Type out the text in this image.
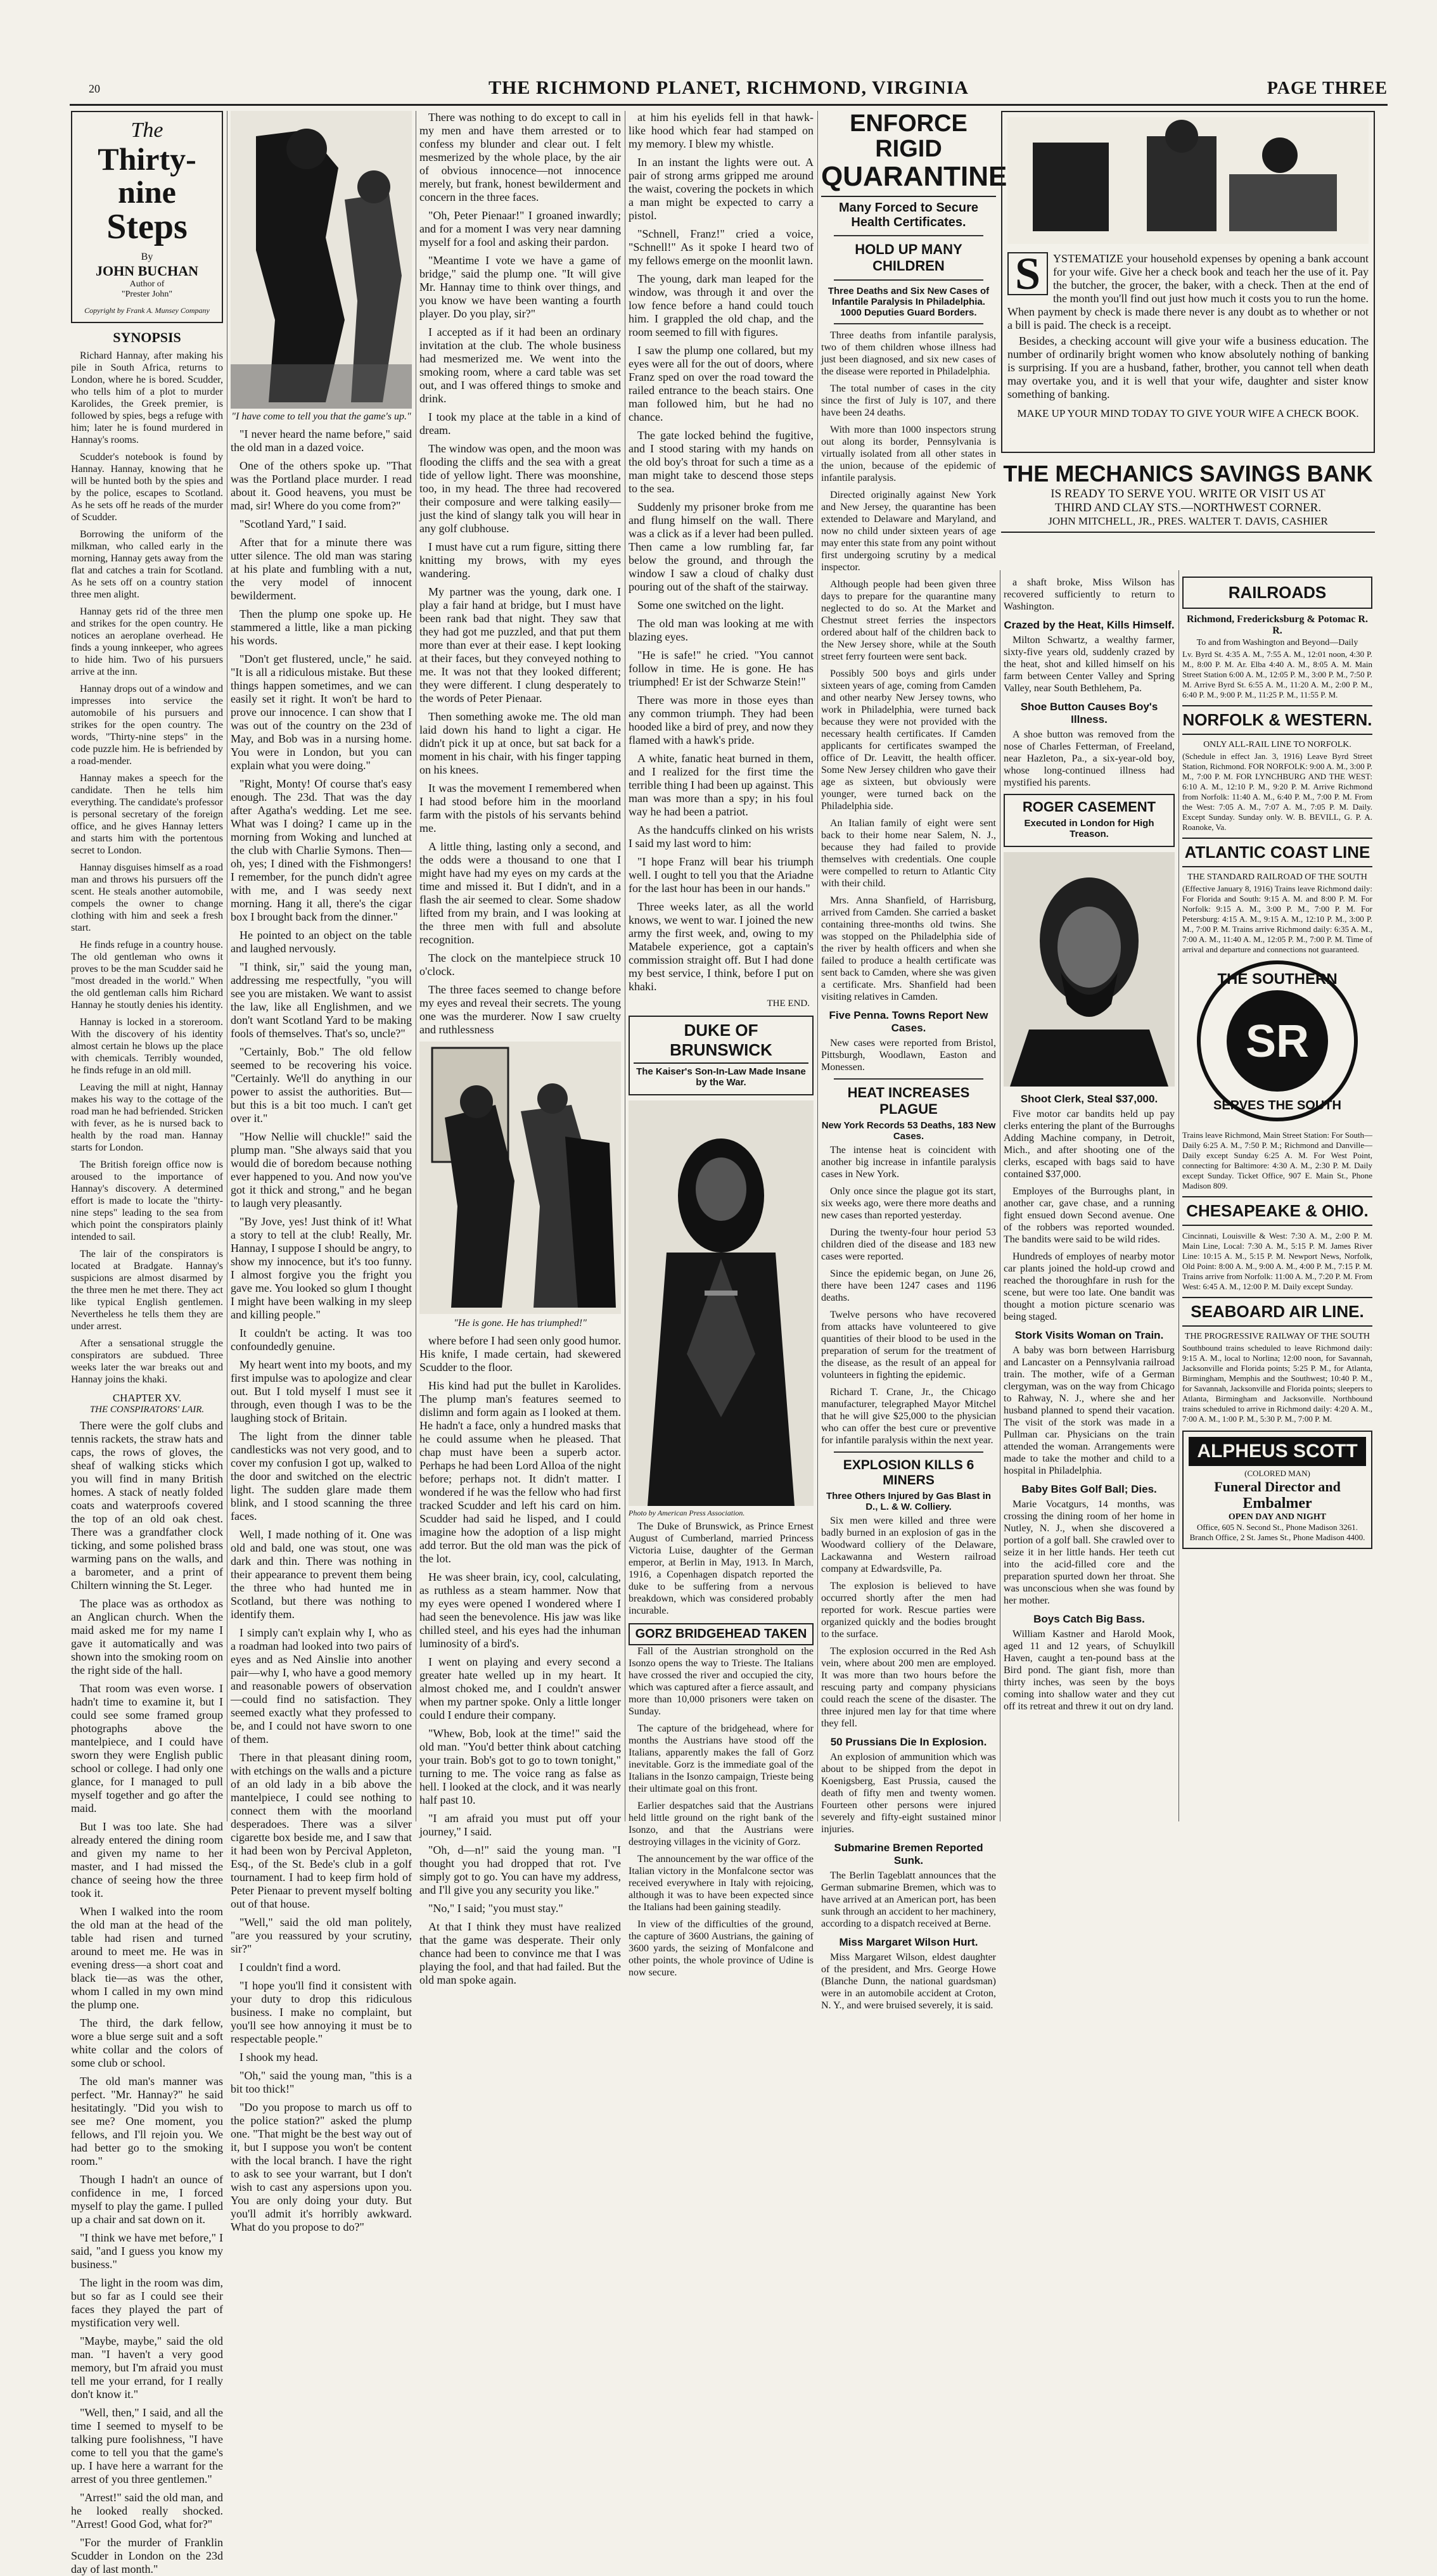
20	THE RICHMOND PLANET, RICHMOND, VIRGINIA	PAGE THREE
The
Thirty-nine
Steps
By
JOHN BUCHAN
Author of
"Prester John"
Copyright by Frank A. Munsey Company
SYNOPSIS

Richard Hannay, after making his pile in South Africa, returns to London, where he is bored. Scudder, who tells him of a plot to murder Karolides, the Greek premier, is followed by spies, begs a refuge with him; later he is found murdered in Hannay's rooms.

Scudder's notebook is found by Hannay. Hannay, knowing that he will be hunted both by the spies and by the police, escapes to Scotland. As he sets off he reads of the murder of Scudder.

Borrowing the uniform of the milkman, who called early in the morning, Hannay gets away from the flat and catches a train for Scotland. As he sets off on a country station three men alight.

Hannay gets rid of the three men and strikes for the open country. He notices an aeroplane overhead. He finds a young innkeeper, who agrees to hide him. Two of his pursuers arrive at the inn.

Hannay drops out of a window and impresses into service the automobile of his pursuers and strikes for the open country. The words, "Thirty-nine steps" in the code puzzle him. He is befriended by a road-mender.

Hannay makes a speech for the candidate. Then he tells him everything. The candidate's professor is personal secretary of the foreign office, and he gives Hannay letters and starts him with the portentous secret to London.

Hannay disguises himself as a road man and throws his pursuers off the scent. He steals another automobile, compels the owner to change clothing with him and seek a fresh start.

He finds refuge in a country house. The old gentleman who owns it proves to be the man Scudder said he "most dreaded in the world." When the old gentleman calls him Richard Hannay he stoutly denies his identity.

Hannay is locked in a storeroom. With the discovery of his identity almost certain he blows up the place with chemicals. Terribly wounded, he finds refuge in an old mill.

Leaving the mill at night, Hannay makes his way to the cottage of the road man he had befriended. Stricken with fever, as he is nursed back to health by the road man. Hannay starts for London.

The British foreign office now is aroused to the importance of Hannay's discovery. A determined effort is made to locate the "thirty-nine steps" leading to the sea from which point the conspirators plainly intended to sail.

The lair of the conspirators is located at Bradgate. Hannay's suspicions are almost disarmed by the three men he met there. They act like typical English gentlemen. Nevertheless he tells them they are under arrest.

After a sensational struggle the conspirators are subdued. Three weeks later the war breaks out and Hannay joins the khaki.

CHAPTER XV.
THE CONSPIRATORS' LAIR.

There were the golf clubs and tennis rackets, the straw hats and caps, the rows of gloves, the sheaf of walking sticks which you will find in many British homes. A stack of neatly folded coats and waterproofs covered the top of an old oak chest. There was a grandfather clock ticking, and some polished brass warming pans on the walls, and a barometer, and a print of Chiltern winning the St. Leger.

The place was as orthodox as an Anglican church. When the maid asked me for my name I gave it automatically and was shown into the smoking room on the right side of the hall.

That room was even worse. I hadn't time to examine it, but I could see some framed group photographs above the mantelpiece, and I could have sworn they were English public school or college. I had only one glance, for I managed to pull myself together and go after the maid.

But I was too late. She had already entered the dining room and given my name to her master, and I had missed the chance of seeing how the three took it.

When I walked into the room the old man at the head of the table had risen and turned around to meet me. He was in evening dress—a short coat and black tie—as was the other, whom I called in my own mind the plump one.

The third, the dark fellow, wore a blue serge suit and a soft white collar and the colors of some club or school.

The old man's manner was perfect. "Mr. Hannay?" he said hesitatingly. "Did you wish to see me? One moment, you fellows, and I'll rejoin you. We had better go to the smoking room."

Though I hadn't an ounce of confidence in me, I forced myself to play the game. I pulled up a chair and sat down on it.

"I think we have met before," I said, "and I guess you know my business."

The light in the room was dim, but so far as I could see their faces they played the part of mystification very well.

"Maybe, maybe," said the old man. "I haven't a very good memory, but I'm afraid you must tell me your errand, for I really don't know it."

"Well, then," I said, and all the time I seemed to myself to be talking pure foolishness, "I have come to tell you that the game's up. I have here a warrant for the arrest of you three gentlemen."

"Arrest!" said the old man, and he looked really shocked. "Arrest! Good God, what for?"

"For the murder of Franklin Scudder in London on the 23d day of last month."

"I have come to tell you that the game's up."

"I never heard the name before," said the old man in a dazed voice.

One of the others spoke up. "That was the Portland place murder. I read about it. Good heavens, you must be mad, sir! Where do you come from?"

"Scotland Yard," I said.

After that for a minute there was utter silence. The old man was staring at his plate and fumbling with a nut, the very model of innocent bewilderment.

Then the plump one spoke up. He stammered a little, like a man picking his words.

"Don't get flustered, uncle," he said. "It is all a ridiculous mistake. But these things happen sometimes, and we can easily set it right. It won't be hard to prove our innocence. I can show that I was out of the country on the 23d of May, and Bob was in a nursing home. You were in London, but you can explain what you were doing."

"Right, Monty! Of course that's easy enough. The 23d. That was the day after Agatha's wedding. Let me see. What was I doing? I came up in the morning from Woking and lunched at the club with Charlie Symons. Then—oh, yes; I dined with the Fishmongers! I remember, for the punch didn't agree with me, and I was seedy next morning. Hang it all, there's the cigar box I brought back from the dinner."

He pointed to an object on the table and laughed nervously.

"I think, sir," said the young man, addressing me respectfully, "you will see you are mistaken. We want to assist the law, like all Englishmen, and we don't want Scotland Yard to be making fools of themselves. That's so, uncle?"

"Certainly, Bob." The old fellow seemed to be recovering his voice. "Certainly. We'll do anything in our power to assist the authorities. But—but this is a bit too much. I can't get over it."

"How Nellie will chuckle!" said the plump man. "She always said that you would die of boredom because nothing ever happened to you. And now you've got it thick and strong," and he began to laugh very pleasantly.

"By Jove, yes! Just think of it! What a story to tell at the club! Really, Mr. Hannay, I suppose I should be angry, to show my innocence, but it's too funny. I almost forgive you the fright you gave me. You looked so glum I thought I might have been walking in my sleep and killing people."

It couldn't be acting. It was too confoundedly genuine.

My heart went into my boots, and my first impulse was to apologize and clear out. But I told myself I must see it through, even though I was to be the laughing stock of Britain.

The light from the dinner table candlesticks was not very good, and to cover my confusion I got up, walked to the door and switched on the electric light. The sudden glare made them blink, and I stood scanning the three faces.

Well, I made nothing of it. One was old and bald, one was stout, one was dark and thin. There was nothing in their appearance to prevent them being the three who had hunted me in Scotland, but there was nothing to identify them.

I simply can't explain why I, who as a roadman had looked into two pairs of eyes and as Ned Ainslie into another pair—why I, who have a good memory and reasonable powers of observation—could find no satisfaction. They seemed exactly what they professed to be, and I could not have sworn to one of them.

There in that pleasant dining room, with etchings on the walls and a picture of an old lady in a bib above the mantelpiece, I could see nothing to connect them with the moorland desperadoes. There was a silver cigarette box beside me, and I saw that it had been won by Percival Appleton, Esq., of the St. Bede's club in a golf tournament. I had to keep firm hold of Peter Pienaar to prevent myself bolting out of that house.

"Well," said the old man politely, "are you reassured by your scrutiny, sir?"

I couldn't find a word.

"I hope you'll find it consistent with your duty to drop this ridiculous business. I make no complaint, but you'll see how annoying it must be to respectable people."

I shook my head.

"Oh," said the young man, "this is a bit too thick!"

"Do you propose to march us off to the police station?" asked the plump one. "That might be the best way out of it, but I suppose you won't be content with the local branch. I have the right to ask to see your warrant, but I don't wish to cast any aspersions upon you. You are only doing your duty. But you'll admit it's horribly awkward. What do you propose to do?"

There was nothing to do except to call in my men and have them arrested or to confess my blunder and clear out. I felt mesmerized by the whole place, by the air of obvious innocence—not innocence merely, but frank, honest bewilderment and concern in the three faces.

"Oh, Peter Pienaar!" I groaned inwardly; and for a moment I was very near damning myself for a fool and asking their pardon.

"Meantime I vote we have a game of bridge," said the plump one. "It will give Mr. Hannay time to think over things, and you know we have been wanting a fourth player. Do you play, sir?"

I accepted as if it had been an ordinary invitation at the club. The whole business had mesmerized me. We went into the smoking room, where a card table was set out, and I was offered things to smoke and drink.

I took my place at the table in a kind of dream.

The window was open, and the moon was flooding the cliffs and the sea with a great tide of yellow light. There was moonshine, too, in my head. The three had recovered their composure and were talking easily—just the kind of slangy talk you will hear in any golf clubhouse.

I must have cut a rum figure, sitting there knitting my brows, with my eyes wandering.

My partner was the young, dark one. I play a fair hand at bridge, but I must have been rank bad that night. They saw that they had got me puzzled, and that put them more than ever at their ease. I kept looking at their faces, but they conveyed nothing to me. It was not that they looked different; they were different. I clung desperately to the words of Peter Pienaar.

Then something awoke me. The old man laid down his hand to light a cigar. He didn't pick it up at once, but sat back for a moment in his chair, with his finger tapping on his knees.

It was the movement I remembered when I had stood before him in the moorland farm with the pistols of his servants behind me.

A little thing, lasting only a second, and the odds were a thousand to one that I might have had my eyes on my cards at the time and missed it. But I didn't, and in a flash the air seemed to clear. Some shadow lifted from my brain, and I was looking at the three men with full and absolute recognition.

The clock on the mantelpiece struck 10 o'clock.

The three faces seemed to change before my eyes and reveal their secrets. The young one was the murderer. Now I saw cruelty and ruthlessness

"He is gone. He has triumphed!"

where before I had seen only good humor. His knife, I made certain, had skewered Scudder to the floor.

His kind had put the bullet in Karolides. The plump man's features seemed to dislimn and form again as I looked at them. He hadn't a face, only a hundred masks that he could assume when he pleased. That chap must have been a superb actor. Perhaps he had been Lord Alloa of the night before; perhaps not. It didn't matter. I wondered if he was the fellow who had first tracked Scudder and left his card on him. Scudder had said he lisped, and I could imagine how the adoption of a lisp might add terror. But the old man was the pick of the lot.

He was sheer brain, icy, cool, calculating, as ruthless as a steam hammer. Now that my eyes were opened I wondered where I had seen the benevolence. His jaw was like chilled steel, and his eyes had the inhuman luminosity of a bird's.

I went on playing and every second a greater hate welled up in my heart. It almost choked me, and I couldn't answer when my partner spoke. Only a little longer could I endure their company.

"Whew, Bob, look at the time!" said the old man. "You'd better think about catching your train. Bob's got to go to town tonight," turning to me. The voice rang as false as hell. I looked at the clock, and it was nearly half past 10.

"I am afraid you must put off your journey," I said.

"Oh, d—n!" said the young man. "I thought you had dropped that rot. I've simply got to go. You can have my address, and I'll give you any security you like."

"No," I said; "you must stay."

At that I think they must have realized that the game was desperate. Their only chance had been to convince me that I was playing the fool, and that had failed. But the old man spoke again.

at him his eyelids fell in that hawk-like hood which fear had stamped on my memory. I blew my whistle.

In an instant the lights were out. A pair of strong arms gripped me around the waist, covering the pockets in which a man might be expected to carry a pistol.

"Schnell, Franz!" cried a voice, "Schnell!" As it spoke I heard two of my fellows emerge on the moonlit lawn.

The young, dark man leaped for the window, was through it and over the low fence before a hand could touch him. I grappled the old chap, and the room seemed to fill with figures.

I saw the plump one collared, but my eyes were all for the out of doors, where Franz sped on over the road toward the railed entrance to the beach stairs. One man followed him, but he had no chance.

The gate locked behind the fugitive, and I stood staring with my hands on the old boy's throat for such a time as a man might take to descend those steps to the sea.

Suddenly my prisoner broke from me and flung himself on the wall. There was a click as if a lever had been pulled. Then came a low rumbling far, far below the ground, and through the window I saw a cloud of chalky dust pouring out of the shaft of the stairway.

Some one switched on the light.

The old man was looking at me with blazing eyes.

"He is safe!" he cried. "You cannot follow in time. He is gone. He has triumphed! Er ist der Schwarze Stein!"

There was more in those eyes than any common triumph. They had been hooded like a bird of prey, and now they flamed with a hawk's pride.

A white, fanatic heat burned in them, and I realized for the first time the terrible thing I had been up against. This man was more than a spy; in his foul way he had been a patriot.

As the handcuffs clinked on his wrists I said my last word to him:

"I hope Franz will bear his triumph well. I ought to tell you that the Ariadne for the last hour has been in our hands."

Three weeks later, as all the world knows, we went to war. I joined the new army the first week, and, owing to my Matabele experience, got a captain's commission straight off. But I had done my best service, I think, before I put on khaki.

THE END.
DUKE OF BRUNSWICK
The Kaiser's Son-In-Law Made Insane by the War.
Photo by American Press Association.

The Duke of Brunswick, as Prince Ernest August of Cumberland, married Princess Victoria Luise, daughter of the German emperor, at Berlin in May, 1913. In March, 1916, a Copenhagen dispatch reported the duke to be suffering from a nervous breakdown, which was considered probably incurable.

GORZ BRIDGEHEAD TAKEN

Fall of the Austrian stronghold on the Isonzo opens the way to Trieste. The Italians have crossed the river and occupied the city, which was captured after a fierce assault, and more than 10,000 prisoners were taken on Sunday.

The capture of the bridgehead, where for months the Austrians have stood off the Italians, apparently makes the fall of Gorz inevitable. Gorz is the immediate goal of the Italians in the Isonzo campaign, Trieste being their ultimate goal on this front.

Earlier despatches said that the Austrians held little ground on the right bank of the Isonzo, and that the Austrians were destroying villages in the vicinity of Gorz.

The announcement by the war office of the Italian victory in the Monfalcone sector was received everywhere in Italy with rejoicing, although it was to have been expected since the Italians had been gaining steadily.

In view of the difficulties of the ground, the capture of 3600 Austrians, the gaining of 3600 yards, the seizing of Monfalcone and other points, the whole province of Udine is now secure.

ENFORCE RIGID
QUARANTINE
Many Forced to Secure Health Certificates.
HOLD UP MANY CHILDREN
Three Deaths and Six New Cases of Infantile Paralysis In Philadelphia. 1000 Deputies Guard Borders.

Three deaths from infantile paralysis, two of them children whose illness had just been diagnosed, and six new cases of the disease were reported in Philadelphia.

The total number of cases in the city since the first of July is 107, and there have been 24 deaths.

With more than 1000 inspectors strung out along its border, Pennsylvania is virtually isolated from all other states in the union, because of the epidemic of infantile paralysis.

Directed originally against New York and New Jersey, the quarantine has been extended to Delaware and Maryland, and now no child under sixteen years of age may enter this state from any point without first undergoing scrutiny by a medical inspector.

Although people had been given three days to prepare for the quarantine many neglected to do so. At the Market and Chestnut street ferries the inspectors ordered about half of the children back to the New Jersey shore, while at the South street ferry fourteen were sent back.

Possibly 500 boys and girls under sixteen years of age, coming from Camden and other nearby New Jersey towns, who work in Philadelphia, were turned back because they were not provided with the necessary health certificates. If Camden applicants for certificates swamped the office of Dr. Leavitt, the health officer. Some New Jersey children who gave their age as sixteen, but obviously were younger, were turned back on the Philadelphia side.

An Italian family of eight were sent back to their home near Salem, N. J., because they had failed to provide themselves with credentials. One couple were compelled to return to Atlantic City with their child.

Mrs. Anna Shanfield, of Harrisburg, arrived from Camden. She carried a basket containing three-months old twins. She was stopped on the Philadelphia side of the river by health officers and when she failed to produce a health certificate was sent back to Camden, where she was given a certificate. Mrs. Shanfield had been visiting relatives in Camden.

Five Penna. Towns Report New Cases.

New cases were reported from Bristol, Pittsburgh, Woodlawn, Easton and Monessen.

HEAT INCREASES PLAGUE
New York Records 53 Deaths, 183 New Cases.

The intense heat is coincident with another big increase in infantile paralysis cases in New York.

Only once since the plague got its start, six weeks ago, were there more deaths and new cases than reported yesterday.

During the twenty-four hour period 53 children died of the disease and 183 new cases were reported.

Since the epidemic began, on June 26, there have been 1247 cases and 1196 deaths.

Twelve persons who have recovered from attacks have volunteered to give quantities of their blood to be used in the preparation of serum for the treatment of the disease, as the result of an appeal for volunteers in fighting the epidemic.

Richard T. Crane, Jr., the Chicago manufacturer, telegraphed Mayor Mitchel that he will give $25,000 to the physician who can offer the best cure or preventive for infantile paralysis within the next year.

EXPLOSION KILLS 6 MINERS
Three Others Injured by Gas Blast in D., L. & W. Colliery.

Six men were killed and three were badly burned in an explosion of gas in the Woodward colliery of the Delaware, Lackawanna and Western railroad company at Edwardsville, Pa.

The explosion is believed to have occurred shortly after the men had reported for work. Rescue parties were organized quickly and the bodies brought to the surface.

The explosion occurred in the Red Ash vein, where about 200 men are employed. It was more than two hours before the rescuing party and company physicians could reach the scene of the disaster. The three injured men lay for that time where they fell.

50 Prussians Die In Explosion.

An explosion of ammunition which was about to be shipped from the depot in Koenigsberg, East Prussia, caused the death of fifty men and twenty women. Fourteen other persons were injured severely and fifty-eight sustained minor injuries.

Submarine Bremen Reported Sunk.

The Berlin Tageblatt announces that the German submarine Bremen, which was to have arrived at an American port, has been sunk through an accident to her machinery, according to a dispatch received at Berne.

Miss Margaret Wilson Hurt.

Miss Margaret Wilson, eldest daughter of the president, and Mrs. George Howe (Blanche Dunn, the national guardsman) were in an automobile accident at Croton, N. Y., and were bruised severely, it is said.

S	YSTEMATIZE your household expenses by opening a bank account for your wife. Give her a check book and teach her the use of it. Pay the butcher, the grocer, the baker, with a check. Then at the end of the month you'll find out just how much it costs you to run the home. When payment by check is made there never is any doubt as to whether or not a bill is paid. The check is a receipt.

Besides, a checking account will give your wife a business education. The number of ordinarily bright women who know absolutely nothing of banking is surprising. If you are a husband, father, brother, you cannot tell when death may overtake you, and it is well that your wife, daughter and sister know something of banking.

MAKE UP YOUR MIND TODAY TO GIVE YOUR WIFE A CHECK BOOK.

THE MECHANICS SAVINGS BANK
IS READY TO SERVE YOU. WRITE OR VISIT US AT
THIRD AND CLAY STS.—NORTHWEST CORNER.
JOHN MITCHELL, JR., PRES. WALTER T. DAVIS, CASHIER

a shaft broke, Miss Wilson has recovered sufficiently to return to Washington.

Crazed by the Heat, Kills Himself.

Milton Schwartz, a wealthy farmer, sixty-five years old, suddenly crazed by the heat, shot and killed himself on his farm between Center Valley and Spring Valley, near South Bethlehem, Pa.

Shoe Button Causes Boy's Illness.

A shoe button was removed from the nose of Charles Fetterman, of Freeland, near Hazleton, Pa., a six-year-old boy, whose long-continued illness had mystified his parents.

ROGER CASEMENT
Executed in London for High Treason.
Shoot Clerk, Steal $37,000.

Five motor car bandits held up pay clerks entering the plant of the Burroughs Adding Machine company, in Detroit, Mich., and after shooting one of the clerks, escaped with bags said to have contained $37,000.

Employes of the Burroughs plant, in another car, gave chase, and a running fight ensued down Second avenue. One of the robbers was reported wounded. The bandits were said to be wild rides.

Hundreds of employes of nearby motor car plants joined the hold-up crowd and reached the thoroughfare in rush for the scene, but were too late. One bandit was thought a motion picture scenario was being staged.

Stork Visits Woman on Train.

A baby was born between Harrisburg and Lancaster on a Pennsylvania railroad train. The mother, wife of a German clergyman, was on the way from Chicago to Rahway, N. J., where she and her husband planned to spend their vacation. The visit of the stork was made in a Pullman car. Physicians on the train attended the woman. Arrangements were made to take the mother and child to a hospital in Philadelphia.

Baby Bites Golf Ball; Dies.

Marie Vocatgurs, 14 months, was crossing the dining room of her home in Nutley, N. J., when she discovered a portion of a golf ball. She crawled over to seize it in her little hands. Her teeth cut into the acid-filled core and the preparation spurted down her throat. She was unconscious when she was found by her mother.

Boys Catch Big Bass.

William Kastner and Harold Mook, aged 11 and 12 years, of Schuylkill Haven, caught a ten-pound bass at the Bird pond. The giant fish, more than thirty inches, was seen by the boys coming into shallow water and they cut off its retreat and threw it out on dry land.

RAILROADS
Richmond, Fredericksburg & Potomac R. R.
To and from Washington and Beyond—Daily

Lv. Byrd St. 4:35 A. M., 7:55 A. M., 12:01 noon, 4:30 P. M., 8:00 P. M. Ar. Elba 4:40 A. M., 8:05 A. M. Main Street Station 6:00 A. M., 12:05 P. M., 3:00 P. M., 7:50 P. M. Arrive Byrd St. 6:55 A. M., 11:20 A. M., 2:00 P. M., 6:40 P. M., 9:00 P. M., 11:25 P. M., 11:55 P. M.

NORFOLK & WESTERN.
ONLY ALL-RAIL LINE TO NORFOLK.

(Schedule in effect Jan. 3, 1916) Leave Byrd Street Station, Richmond. FOR NORFOLK: 9:00 A. M., 3:00 P. M., 7:00 P. M. FOR LYNCHBURG AND THE WEST: 6:10 A. M., 12:10 P. M., 9:20 P. M. Arrive Richmond from Norfolk: 11:40 A. M., 6:40 P. M., 7:00 P. M. From the West: 7:05 A. M., 7:07 A. M., 7:05 P. M. Daily. Except Sunday. Sunday only. W. B. BEVILL, G. P. A. Roanoke, Va.

ATLANTIC COAST LINE
THE STANDARD RAILROAD OF THE SOUTH

(Effective January 8, 1916) Trains leave Richmond daily: For Florida and South: 9:15 A. M. and 8:00 P. M. For Norfolk: 9:15 A. M., 3:00 P. M., 7:00 P. M. For Petersburg: 4:15 A. M., 9:15 A. M., 12:10 P. M., 3:00 P. M., 7:00 P. M. Trains arrive Richmond daily: 6:35 A. M., 7:00 A. M., 11:40 A. M., 12:05 P. M., 7:00 P. M. Time of arrival and departure and connections not guaranteed.

THE SOUTHERN
SR
SERVES THE SOUTH

Trains leave Richmond, Main Street Station: For South—Daily 6:25 A. M., 7:50 P. M.; Richmond and Danville—Daily except Sunday 6:25 A. M. For West Point, connecting for Baltimore: 4:30 A. M., 2:30 P. M. Daily except Sunday. Ticket Office, 907 E. Main St., Phone Madison 809.

CHESAPEAKE & OHIO.

Cincinnati, Louisville & West: 7:30 A. M., 2:00 P. M. Main Line, Local: 7:30 A. M., 5:15 P. M. James River Line: 10:15 A. M., 5:15 P. M. Newport News, Norfolk, Old Point: 8:00 A. M., 9:00 A. M., 4:00 P. M., 7:15 P. M. Trains arrive from Norfolk: 11:00 A. M., 7:20 P. M. From West: 6:45 A. M., 12:00 P. M. Daily except Sunday.

SEABOARD AIR LINE.
THE PROGRESSIVE RAILWAY OF THE SOUTH

Southbound trains scheduled to leave Richmond daily: 9:15 A. M., local to Norlina; 12:00 noon, for Savannah, Jacksonville and Florida points; 5:25 P. M., for Atlanta, Birmingham, Memphis and the Southwest; 10:40 P. M., for Savannah, Jacksonville and Florida points; sleepers to Atlanta, Birmingham and Jacksonville. Northbound trains scheduled to arrive in Richmond daily: 4:20 A. M., 7:00 A. M., 1:00 P. M., 5:30 P. M., 7:00 P. M.

ALPHEUS SCOTT
(COLORED MAN)
Funeral Director and
Embalmer
OPEN DAY AND NIGHT
Office, 605 N. Second St., Phone Madison 3261.
Branch Office, 2 St. James St., Phone Madison 4400.
